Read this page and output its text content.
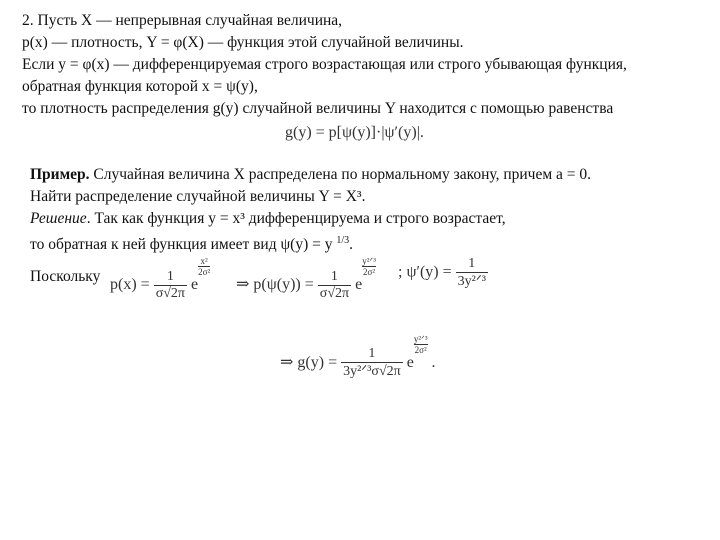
2. Пусть X — непрерывная случайная величина,
p(x) — плотность, Y = φ(X) — функция этой случайной величины.
Если y = φ(x) — дифференцируемая строго возрастающая или строго убывающая функция,
обратная функция которой x = ψ(y),
то плотность распределения g(y) случайной величины Y находится с помощью равенства
g(y) = p[ψ(y)]·|ψ′(y)|.
Пример. Случайная величина X распределена по нормальному закону, причем a = 0.
Найти распределение случайной величины Y = X³.
Решение. Так как функция y = x³ дифференцируема и строго возрастает,
то обратная к ней функция имеет вид ψ(y) = y $^{1/3}$.
Поскольку $p(x) = \frac{1}{\sigma√2\pi}$ e
$\frac{\text{x²}}{\text{2σ²}}$
⇒ $p(\psi(y)) = \frac{1}{\sigma√2\pi}$ e
y²ᐟ³
2σ² ; $\psi'(y) = \frac{1}{\text{3y²ᐟ³}}$
⇒ $g(y) = \frac{1}{\text{3y²ᐟ³σ√2π}}$ e
y²ᐟ³
2σ²
.
